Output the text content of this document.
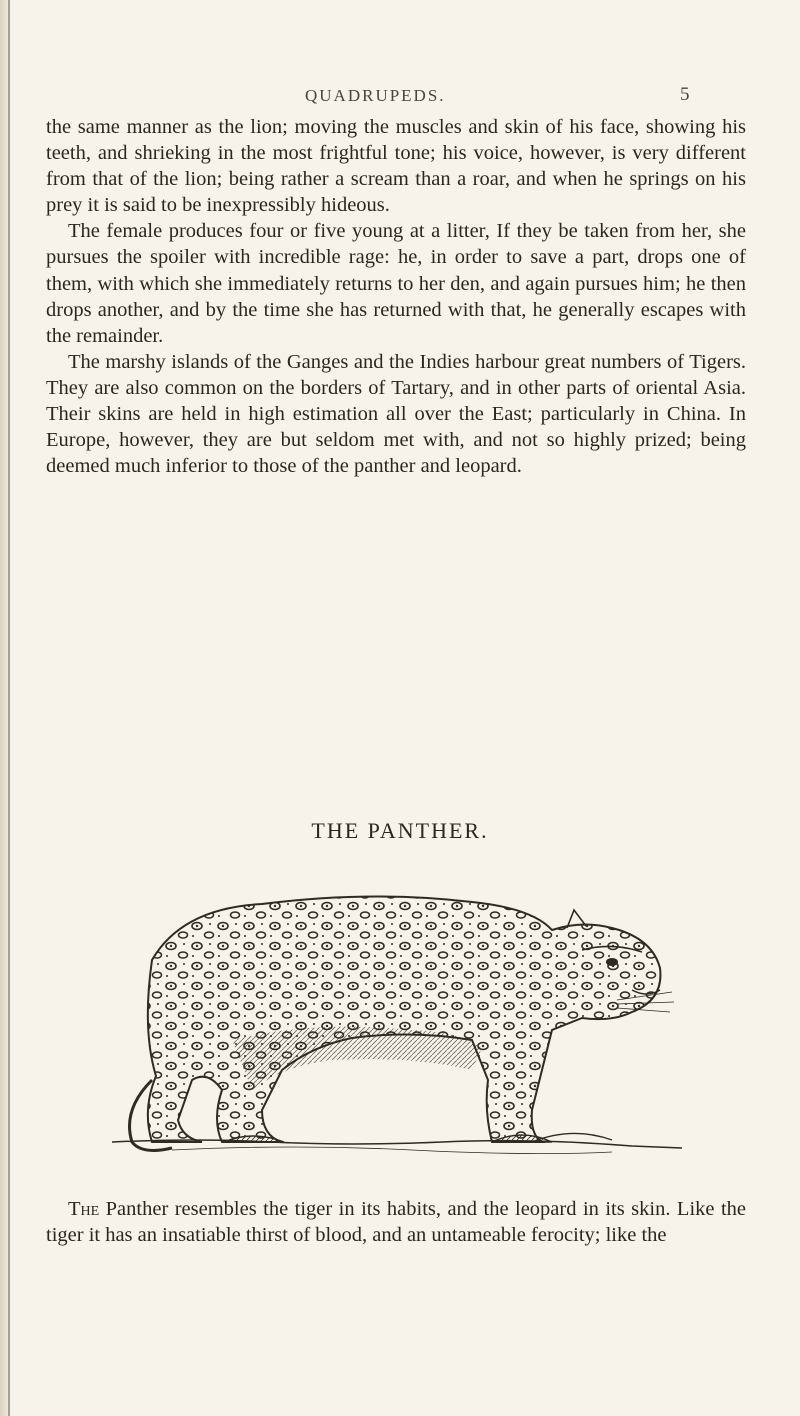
QUADRUPEDS.	5

the same manner as the lion; moving the muscles and skin of his face, showing his teeth, and shrieking in the most frightful tone; his voice, however, is very different from that of the lion; being rather a scream than a roar, and when he springs on his prey it is said to be inexpressibly hideous.

The female produces four or five young at a litter, If they be taken from her, she pursues the spoiler with incredible rage: he, in order to save a part, drops one of them, with which she immediately returns to her den, and again pursues him; he then drops another, and by the time she has returned with that, he generally escapes with the remainder.

The marshy islands of the Ganges and the Indies harbour great numbers of Tigers. They are also common on the borders of Tartary, and in other parts of oriental Asia. Their skins are held in high estimation all over the East; particularly in China. In Europe, however, they are but seldom met with, and not so highly prized; being deemed much inferior to those of the panther and leopard.

THE PANTHER.

The Panther resembles the tiger in its habits, and the leopard in its skin. Like the tiger it has an insatiable thirst of blood, and an untameable ferocity; like the
